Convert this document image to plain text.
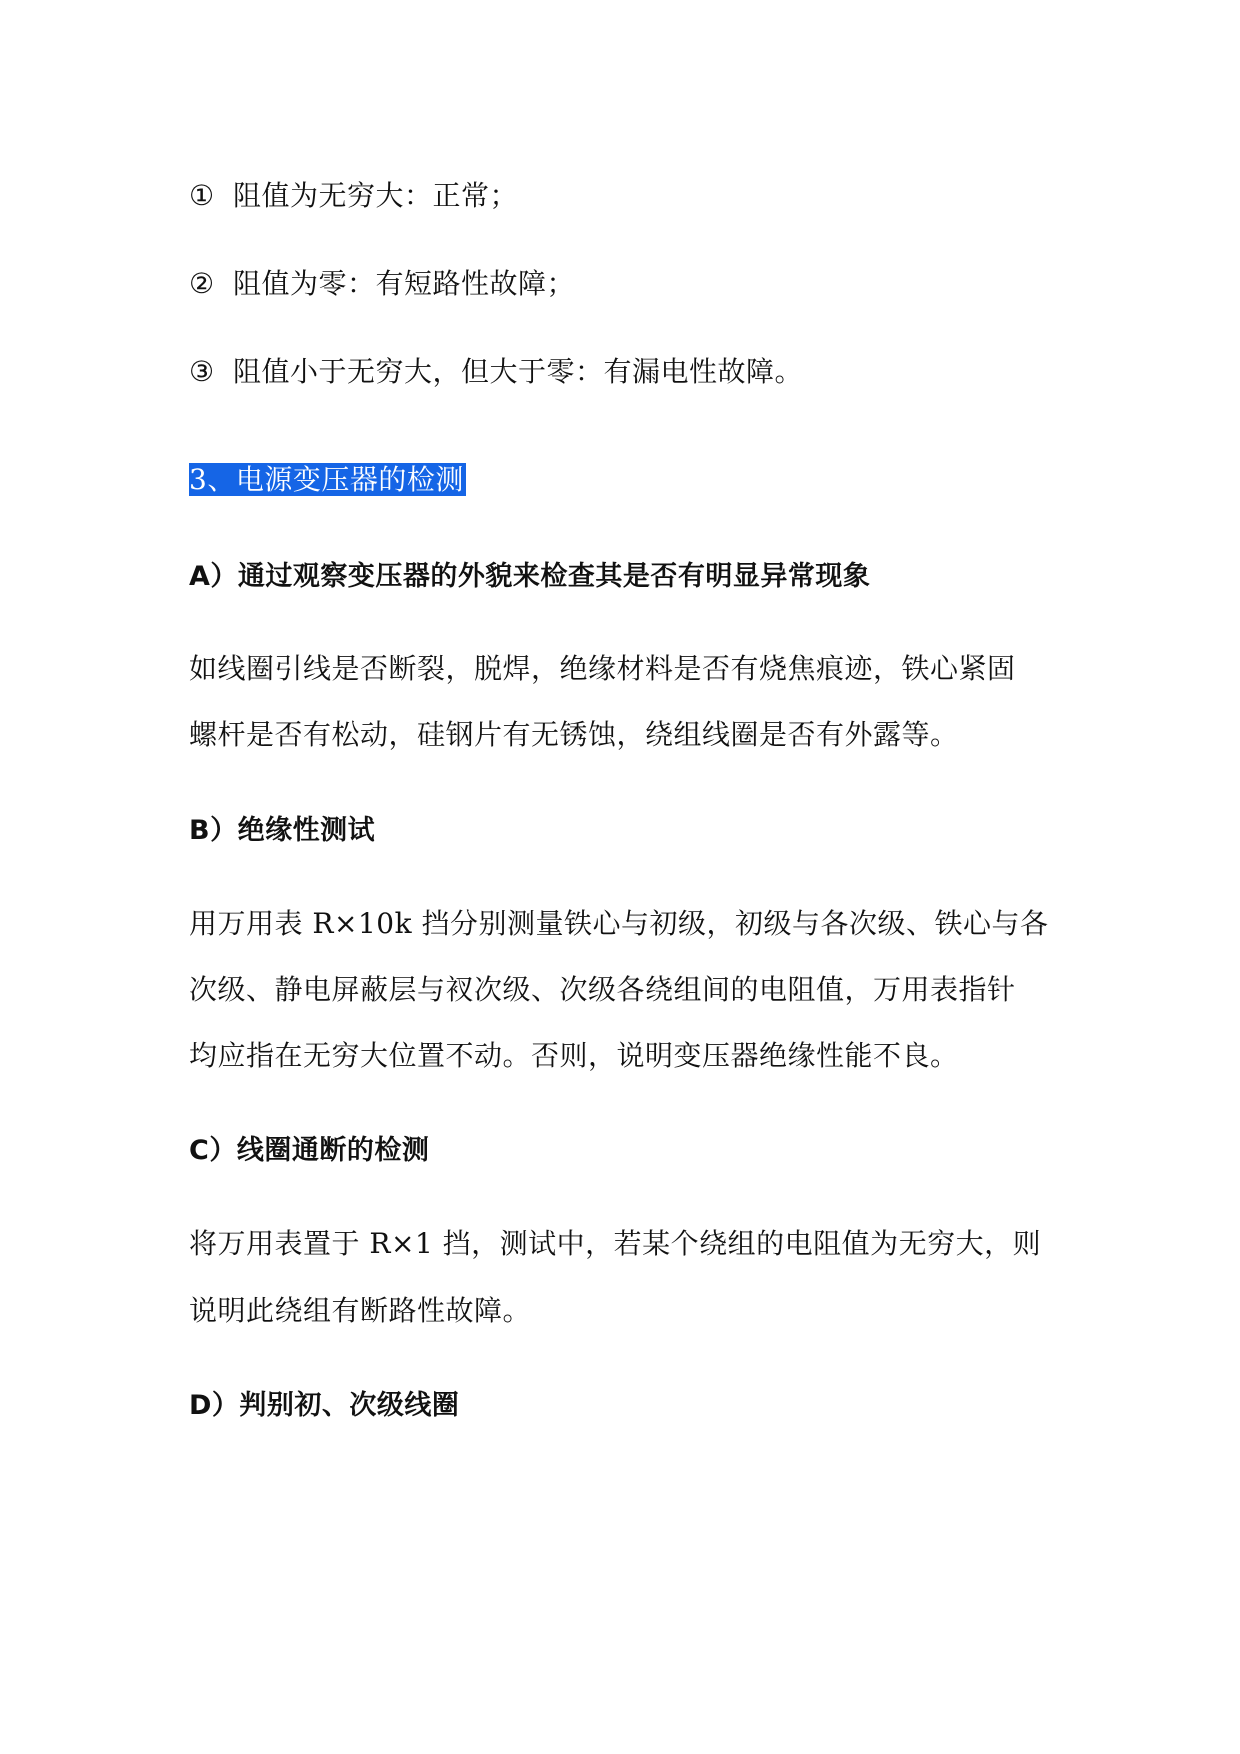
① 阻值为无穷大：正常；
② 阻值为零：有短路性故障；
③ 阻值小于无穷大，但大于零：有漏电性故障。
3、电源变压器的检测
A）通过观察变压器的外貌来检查其是否有明显异常现象
如线圈引线是否断裂，脱焊，绝缘材料是否有烧焦痕迹，铁心紧固
螺杆是否有松动，硅钢片有无锈蚀，绕组线圈是否有外露等。
B）绝缘性测试
用万用表 R×10k 挡分别测量铁心与初级，初级与各次级、铁心与各
次级、静电屏蔽层与衩次级、次级各绕组间的电阻值，万用表指针
均应指在无穷大位置不动。否则，说明变压器绝缘性能不良。
C）线圈通断的检测
将万用表置于 R×1 挡，测试中，若某个绕组的电阻值为无穷大，则
说明此绕组有断路性故障。
D）判别初、次级线圈
